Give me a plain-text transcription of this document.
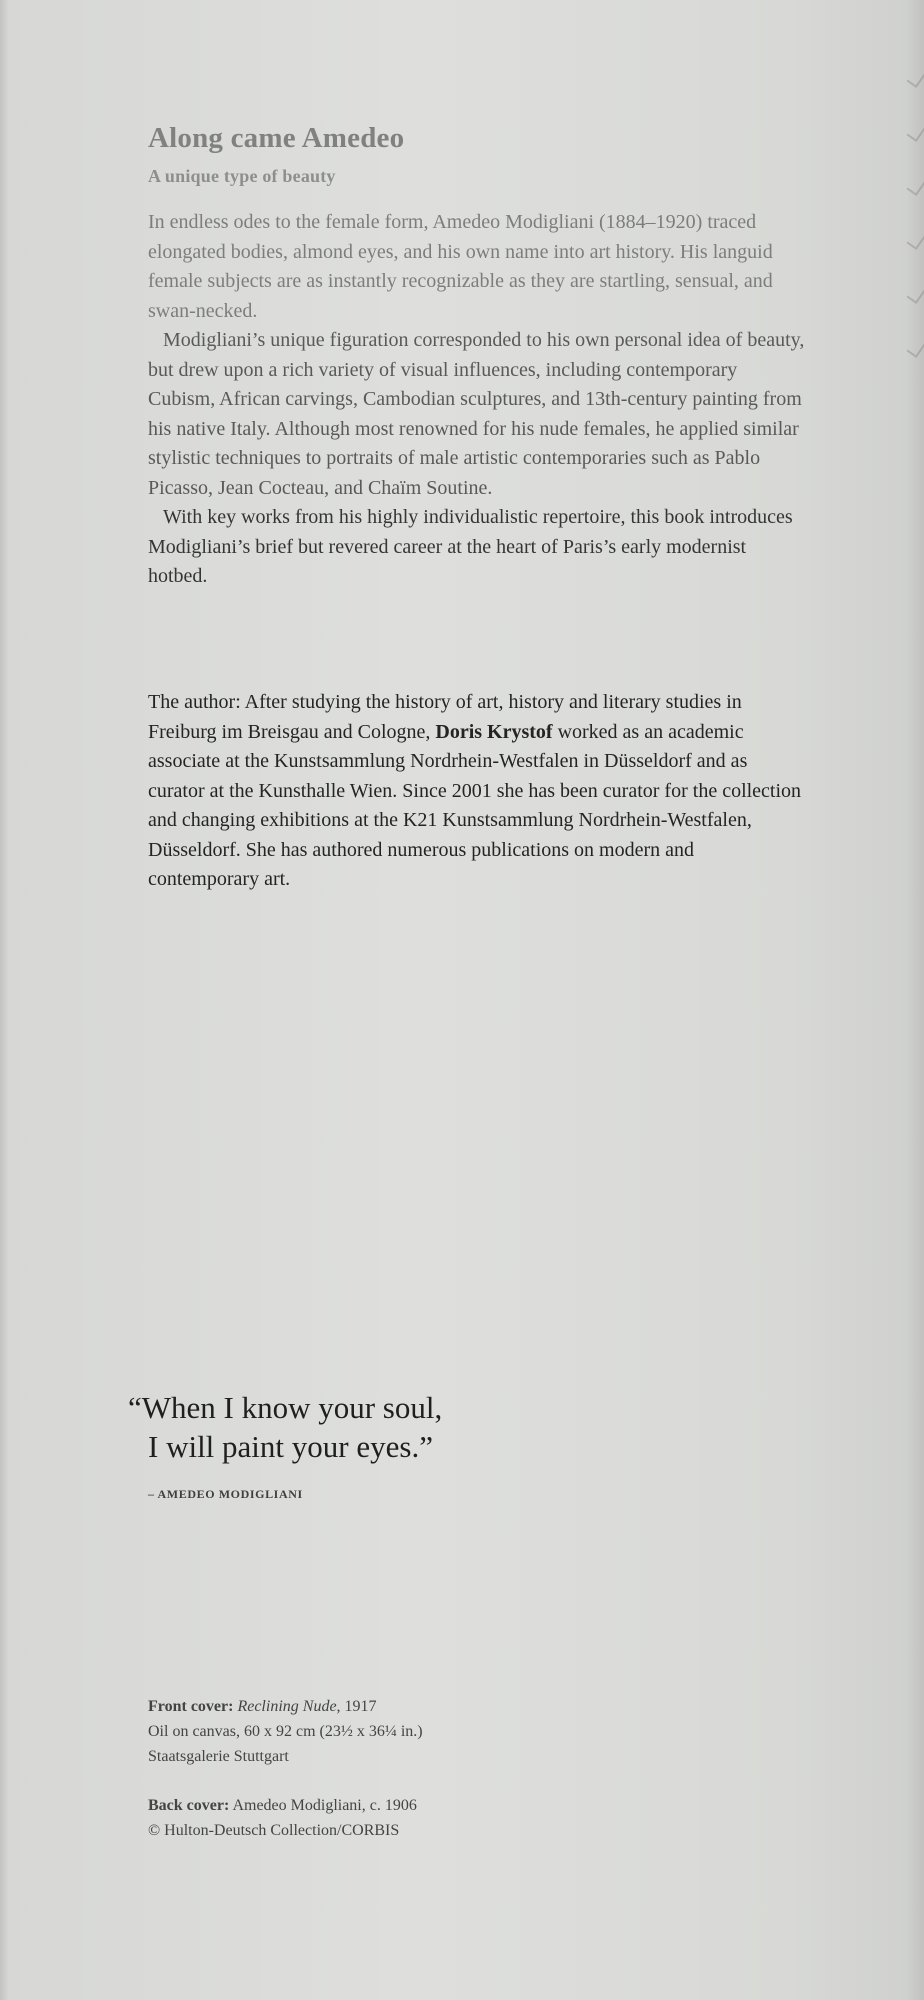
Along came Amedeo
A unique type of beauty

In endless odes to the female form, Amedeo Modigliani (1884–1920) traced elongated bodies, almond eyes, and his own name into art history. His languid female subjects are as instantly recognizable as they are startling, sensual, and swan-necked.

Modigliani’s unique figuration corresponded to his own personal idea of beauty, but drew upon a rich variety of visual influences, including contemporary Cubism, African carvings, Cambodian sculptures, and 13th-century painting from his native Italy. Although most renowned for his nude females, he applied similar stylistic techniques to portraits of male artistic contemporaries such as Pablo Picasso, Jean Cocteau, and Chaïm Soutine.

With key works from his highly individualistic repertoire, this book introduces Modigliani’s brief but revered career at the heart of Paris’s early modernist hotbed.

The author: After studying the history of art, history and literary studies in Freiburg im Breisgau and Cologne, Doris Krystof worked as an academic associate at the Kunstsammlung Nordrhein-Westfalen in Düsseldorf and as curator at the Kunsthalle Wien. Since 2001 she has been curator for the collection and changing exhibitions at the K21 Kunstsammlung Nordrhein-Westfalen, Düsseldorf. She has authored numerous publications on modern and contemporary art.

“When I know your soul,
I will paint your eyes.”
– AMEDEO MODIGLIANI
Front cover: Reclining Nude, 1917
Oil on canvas, 60 x 92 cm (23½ x 36¼ in.)
Staatsgalerie Stuttgart
Back cover: Amedeo Modigliani, c. 1906
© Hulton-Deutsch Collection/CORBIS
